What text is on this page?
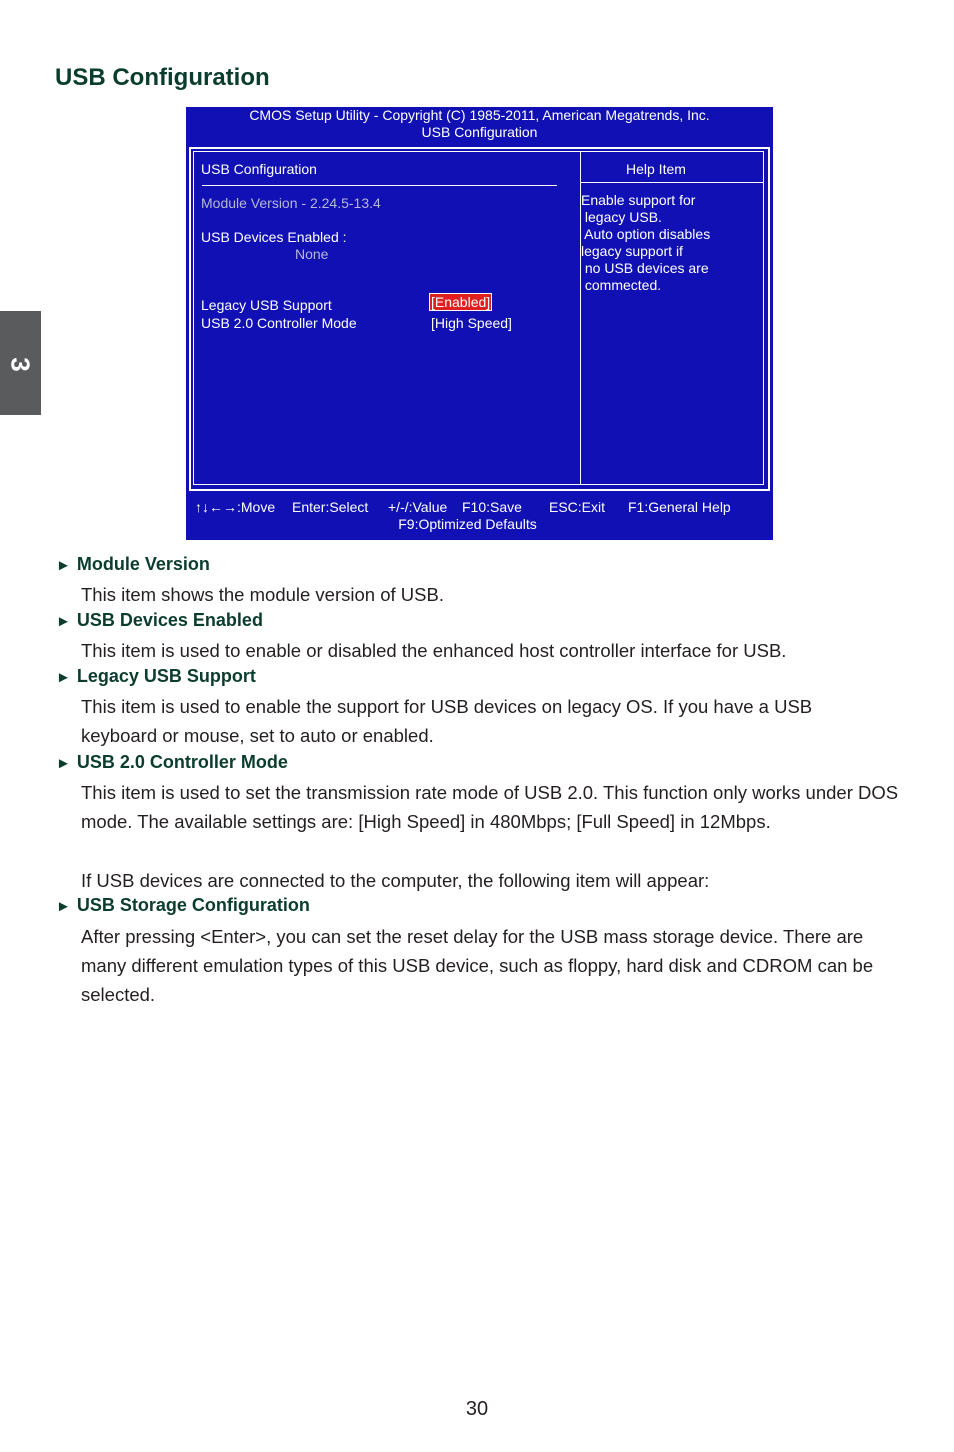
USB Configuration
3
CMOS Setup Utility - Copyright (C) 1985-2011, American Megatrends, Inc.
USB Configuration
USB Configuration	Help Item
Module Version - 2.24.5-13.4
USB Devices Enabled :
None
Legacy USB Support	[Enabled]
USB 2.0 Controller Mode	[High Speed]
Enable support for
legacy USB.
Auto option disables
legacy support if
no USB devices are
commected.
↑↓←→:Move Enter:Select +/-/:Value F10:Save ESC:Exit F1:General Help
F9:Optimized Defaults
► Module Version
This item shows the module version of USB.
► USB Devices Enabled
This item is used to enable or disabled the enhanced host controller interface for USB.
► Legacy USB Support
This item is used to enable the support for USB devices on legacy OS. If you have a USB keyboard or mouse, set to auto or enabled.
► USB 2.0 Controller Mode
This item is used to set the transmission rate mode of USB 2.0. This function only works under DOS mode. The available settings are: [High Speed] in 480Mbps; [Full Speed] in 12Mbps.
If USB devices are connected to the computer, the following item will appear:
► USB Storage Configuration
After pressing <Enter>, you can set the reset delay for the USB mass storage device. There are many different emulation types of this USB device, such as floppy, hard disk and CDROM can be selected.
30
